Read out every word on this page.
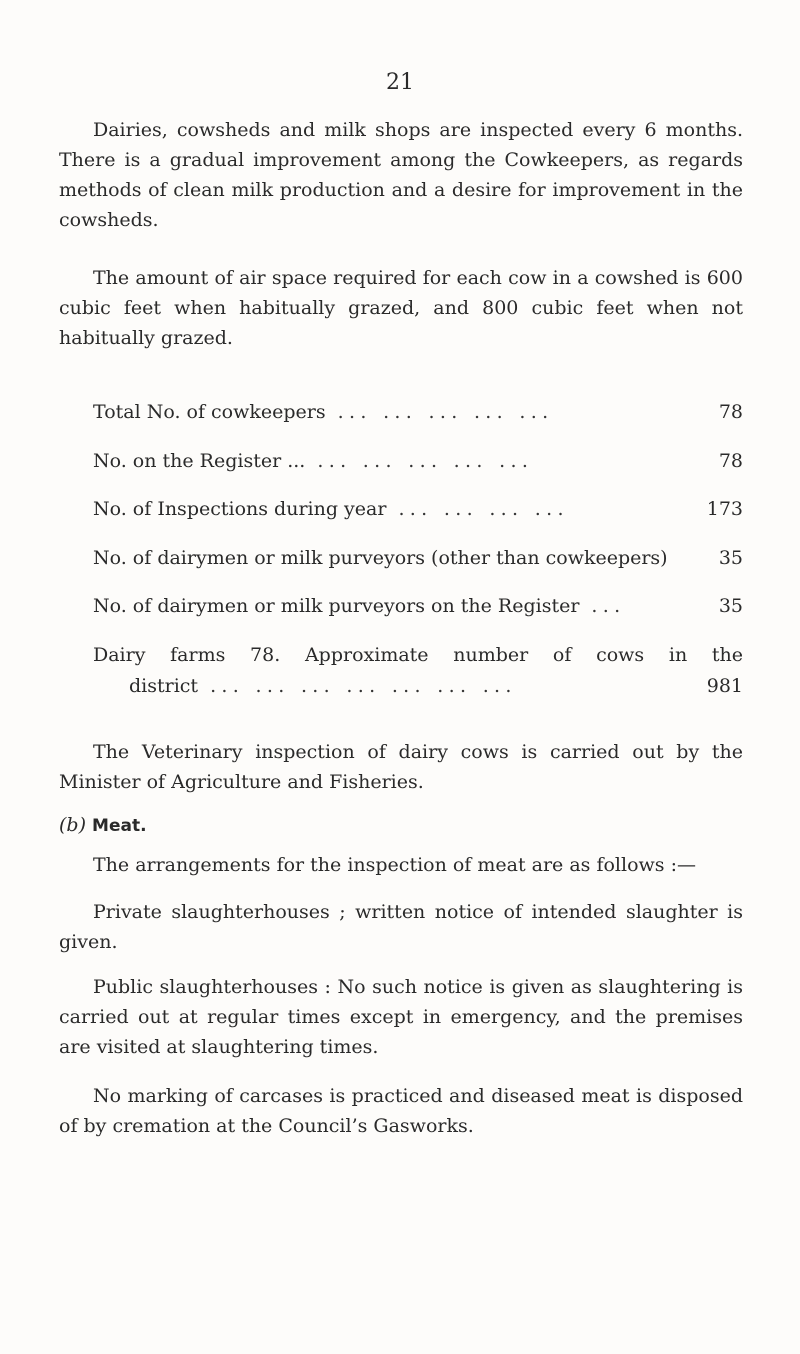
21

Dairies, cowsheds and milk shops are inspected every 6 months. There is a gradual improvement among the Cowkeepers, as regards methods of clean milk production and a desire for improvement in the cowsheds.

The amount of air space required for each cow in a cowshed is 600 cubic feet when habitually grazed, and 800 cubic feet when not habitually grazed.

Total No. of cowkeepers ... ... ... ... ...	78
No. on the Register ... ... ... ... ... ...	78
No. of Inspections during year ... ... ... ...	173
No. of dairymen or milk purveyors (other than cowkeepers)	35
No. of dairymen or milk purveyors on the Register ...	35
Dairy farms 78. Approximate number of cows in the
district ... ... ... ... ... ... ...	981

The Veterinary inspection of dairy cows is carried out by the Minister of Agriculture and Fisheries.

(b) Meat.

The arrangements for the inspection of meat are as follows :—

Private slaughterhouses ; written notice of intended slaughter is given.

Public slaughterhouses : No such notice is given as slaughtering is carried out at regular times except in emergency, and the premises are visited at slaughtering times.

No marking of carcases is practiced and diseased meat is disposed of by cremation at the Council’s Gasworks.
